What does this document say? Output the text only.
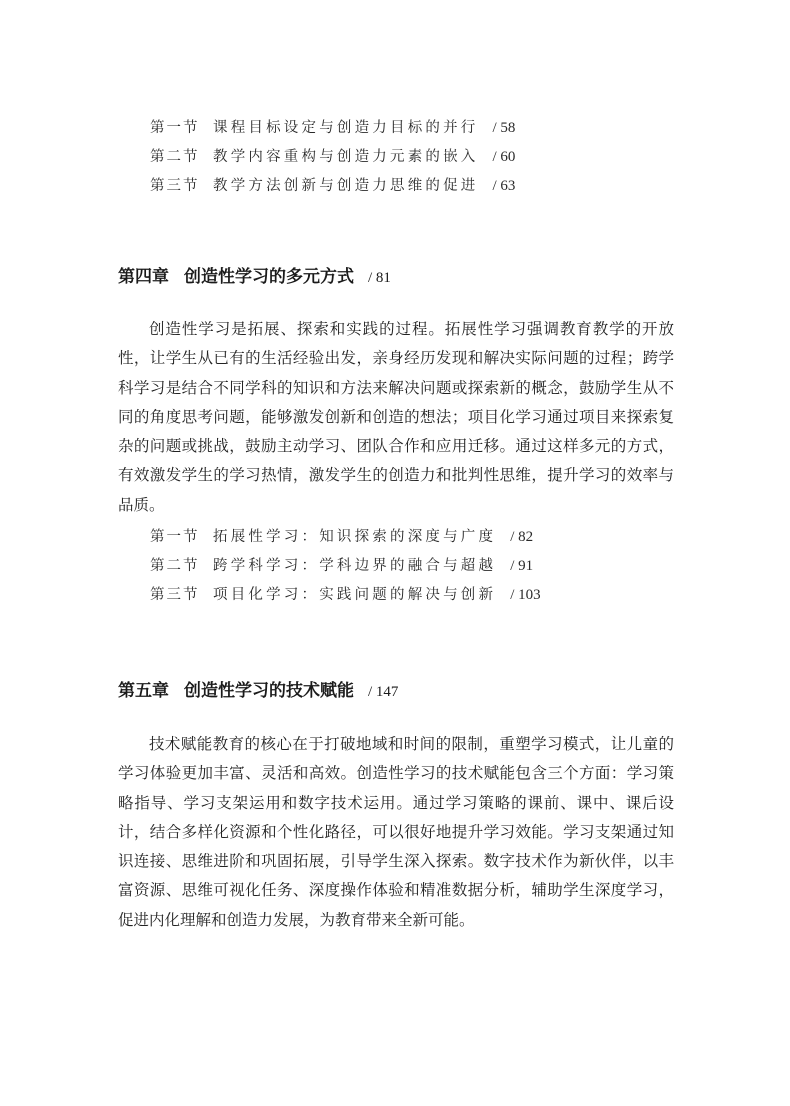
第一节 课程目标设定与创造力目标的并行 / 58
第二节 教学内容重构与创造力元素的嵌入 / 60
第三节 教学方法创新与创造力思维的促进 / 63
第四章 创造性学习的多元方式 / 81

创造性学习是拓展、探索和实践的过程。拓展性学习强调教育教学的开放性，让学生从已有的生活经验出发，亲身经历发现和解决实际问题的过程；跨学科学习是结合不同学科的知识和方法来解决问题或探索新的概念，鼓励学生从不同的角度思考问题，能够激发创新和创造的想法；项目化学习通过项目来探索复杂的问题或挑战，鼓励主动学习、团队合作和应用迁移。通过这样多元的方式，有效激发学生的学习热情，激发学生的创造力和批判性思维，提升学习的效率与品质。

第一节 拓展性学习：知识探索的深度与广度 / 82
第二节 跨学科学习：学科边界的融合与超越 / 91
第三节 项目化学习：实践问题的解决与创新 / 103
第五章 创造性学习的技术赋能 / 147

技术赋能教育的核心在于打破地域和时间的限制，重塑学习模式，让儿童的学习体验更加丰富、灵活和高效。创造性学习的技术赋能包含三个方面：学习策略指导、学习支架运用和数字技术运用。通过学习策略的课前、课中、课后设计，结合多样化资源和个性化路径，可以很好地提升学习效能。学习支架通过知识连接、思维进阶和巩固拓展，引导学生深入探索。数字技术作为新伙伴，以丰富资源、思维可视化任务、深度操作体验和精准数据分析，辅助学生深度学习，促进内化理解和创造力发展，为教育带来全新可能。
